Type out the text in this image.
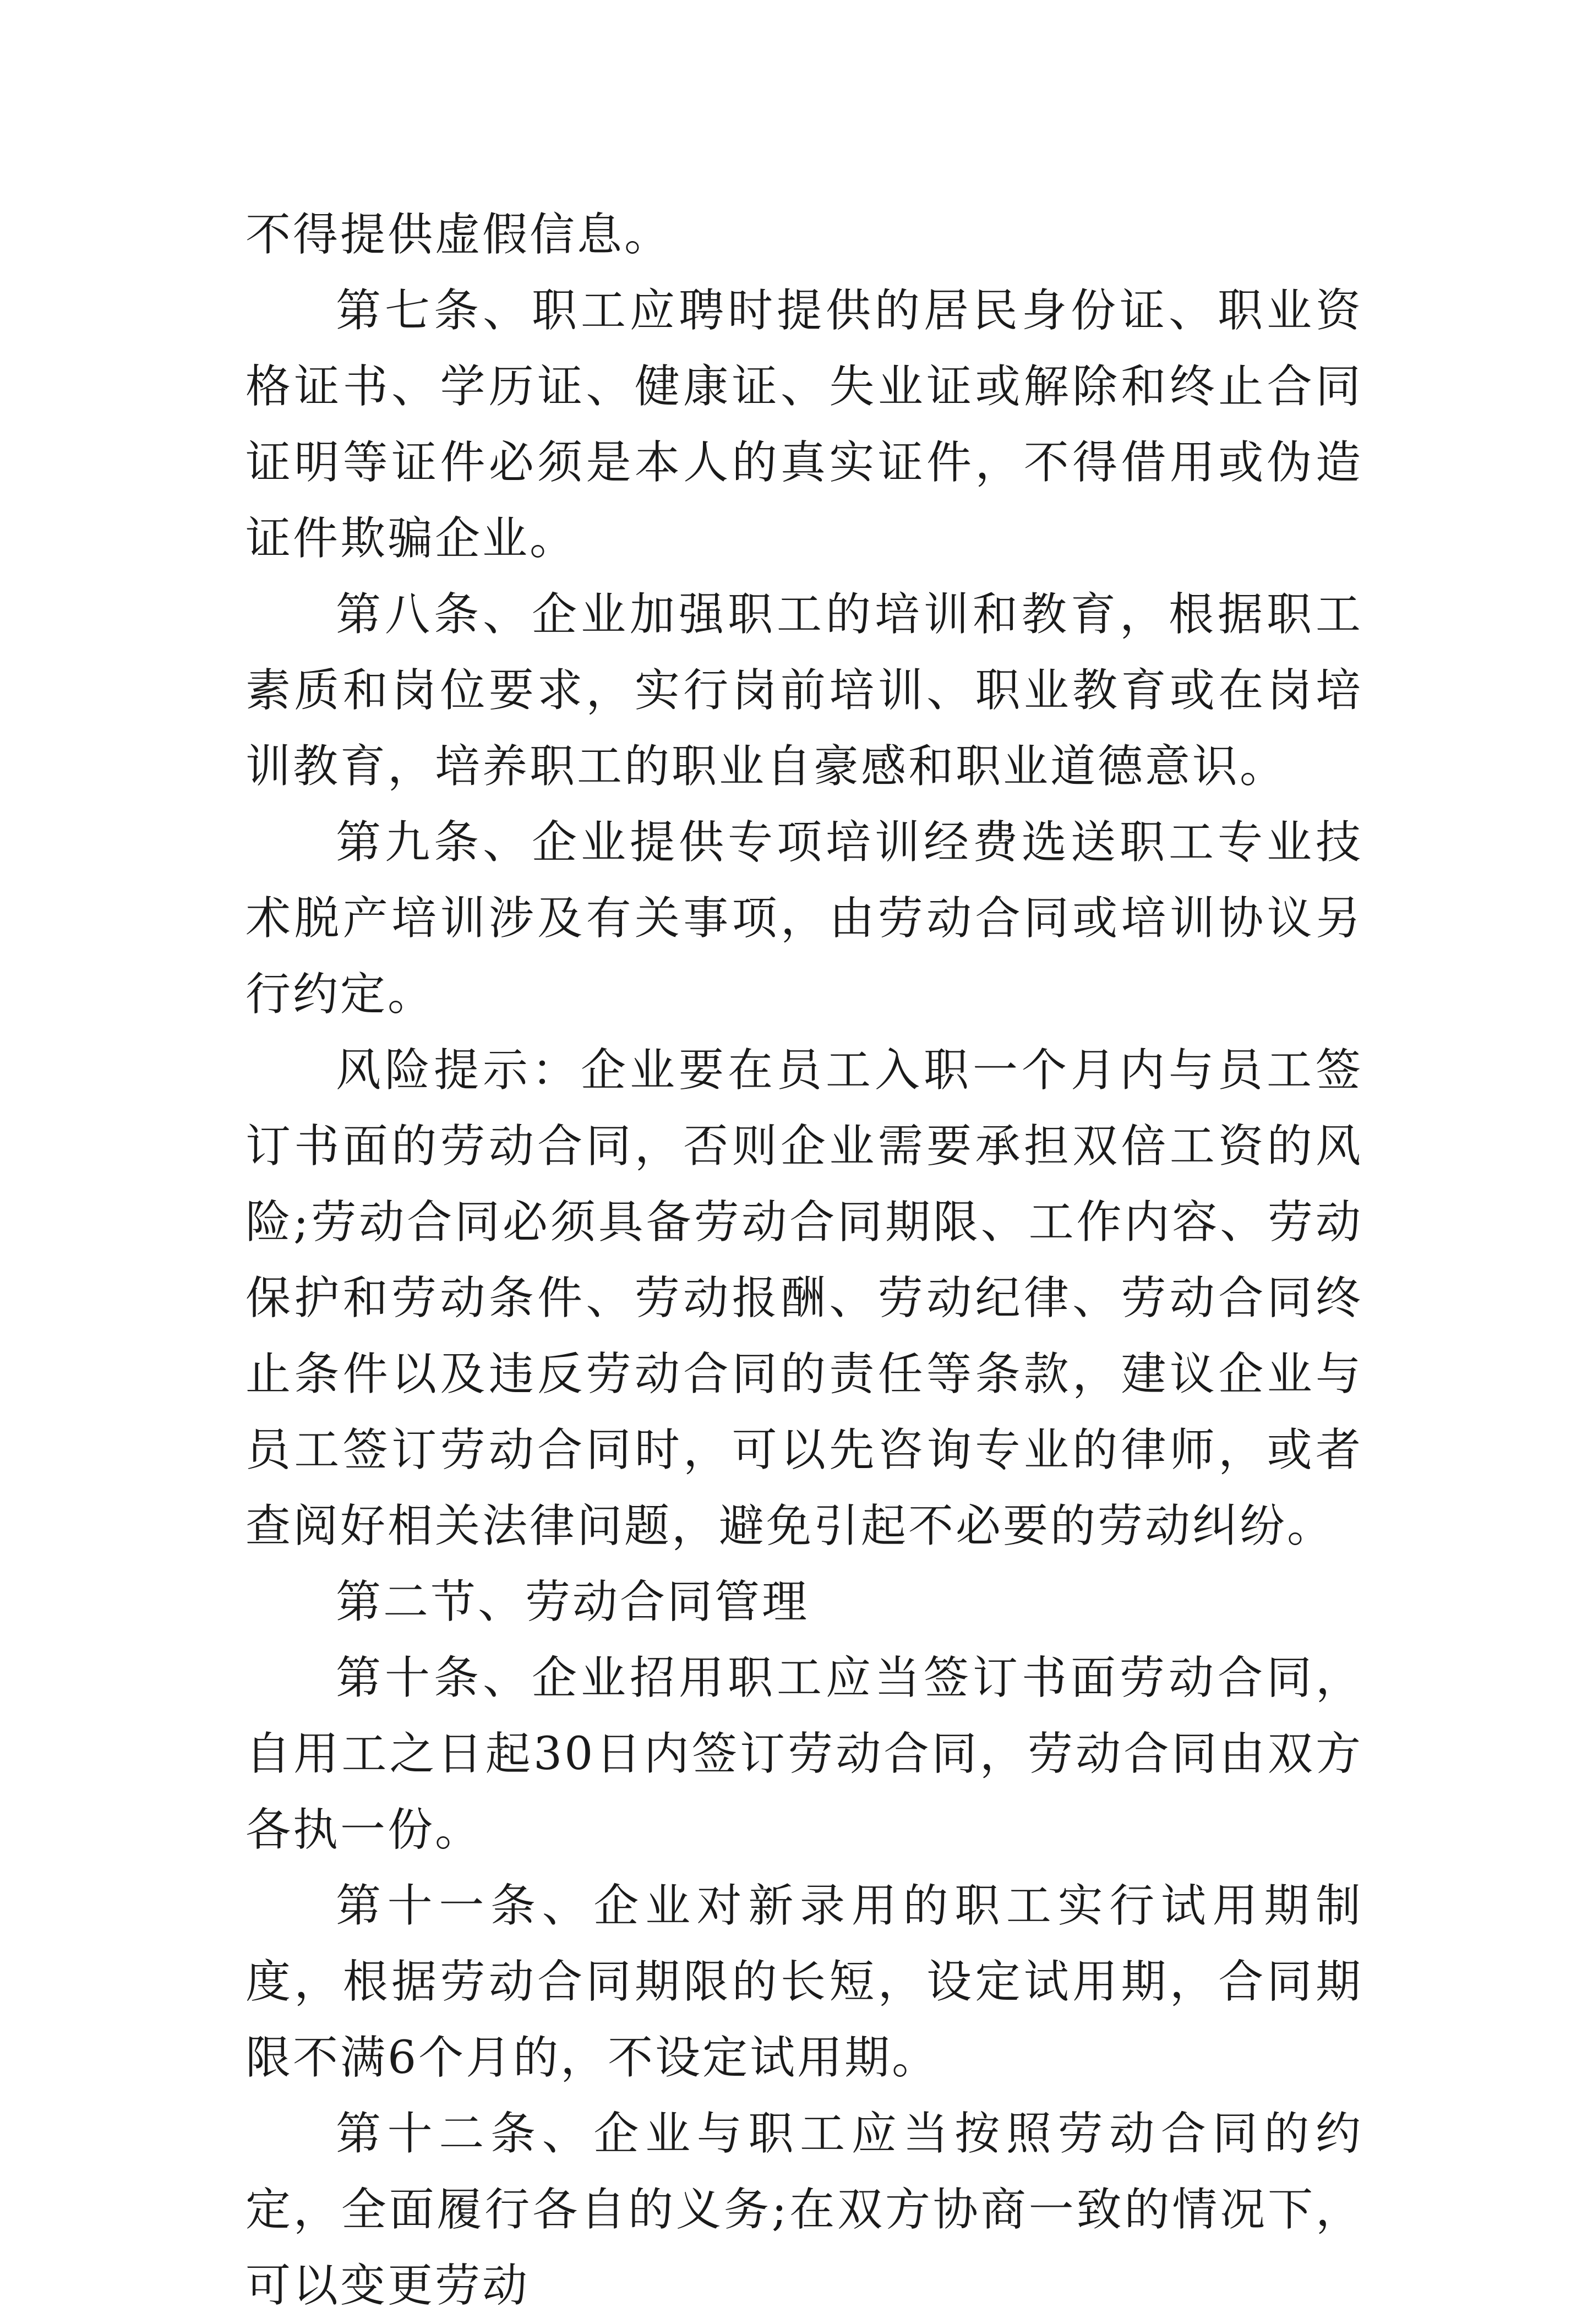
不得提供虚假信息。

第七条、职工应聘时提供的居民身份证、职业资格证书、学历证、健康证、失业证或解除和终止合同证明等证件必须是本人的真实证件，不得借用或伪造证件欺骗企业。

第八条、企业加强职工的培训和教育，根据职工素质和岗位要求，实行岗前培训、职业教育或在岗培训教育，培养职工的职业自豪感和职业道德意识。

第九条、企业提供专项培训经费选送职工专业技术脱产培训涉及有关事项，由劳动合同或培训协议另行约定。

风险提示：企业要在员工入职一个月内与员工签订书面的劳动合同，否则企业需要承担双倍工资的风险;劳动合同必须具备劳动合同期限、工作内容、劳动保护和劳动条件、劳动报酬、劳动纪律、劳动合同终止条件以及违反劳动合同的责任等条款，建议企业与员工签订劳动合同时，可以先咨询专业的律师，或者查阅好相关法律问题，避免引起不必要的劳动纠纷。

第二节、劳动合同管理

第十条、企业招用职工应当签订书面劳动合同，自用工之日起30日内签订劳动合同，劳动合同由双方各执一份。

第十一条、企业对新录用的职工实行试用期制度，根据劳动合同期限的长短，设定试用期，合同期限不满6个月的，不设定试用期。

第十二条、企业与职工应当按照劳动合同的约定，全面履行各自的义务;在双方协商一致的情况下，可以变更劳动
